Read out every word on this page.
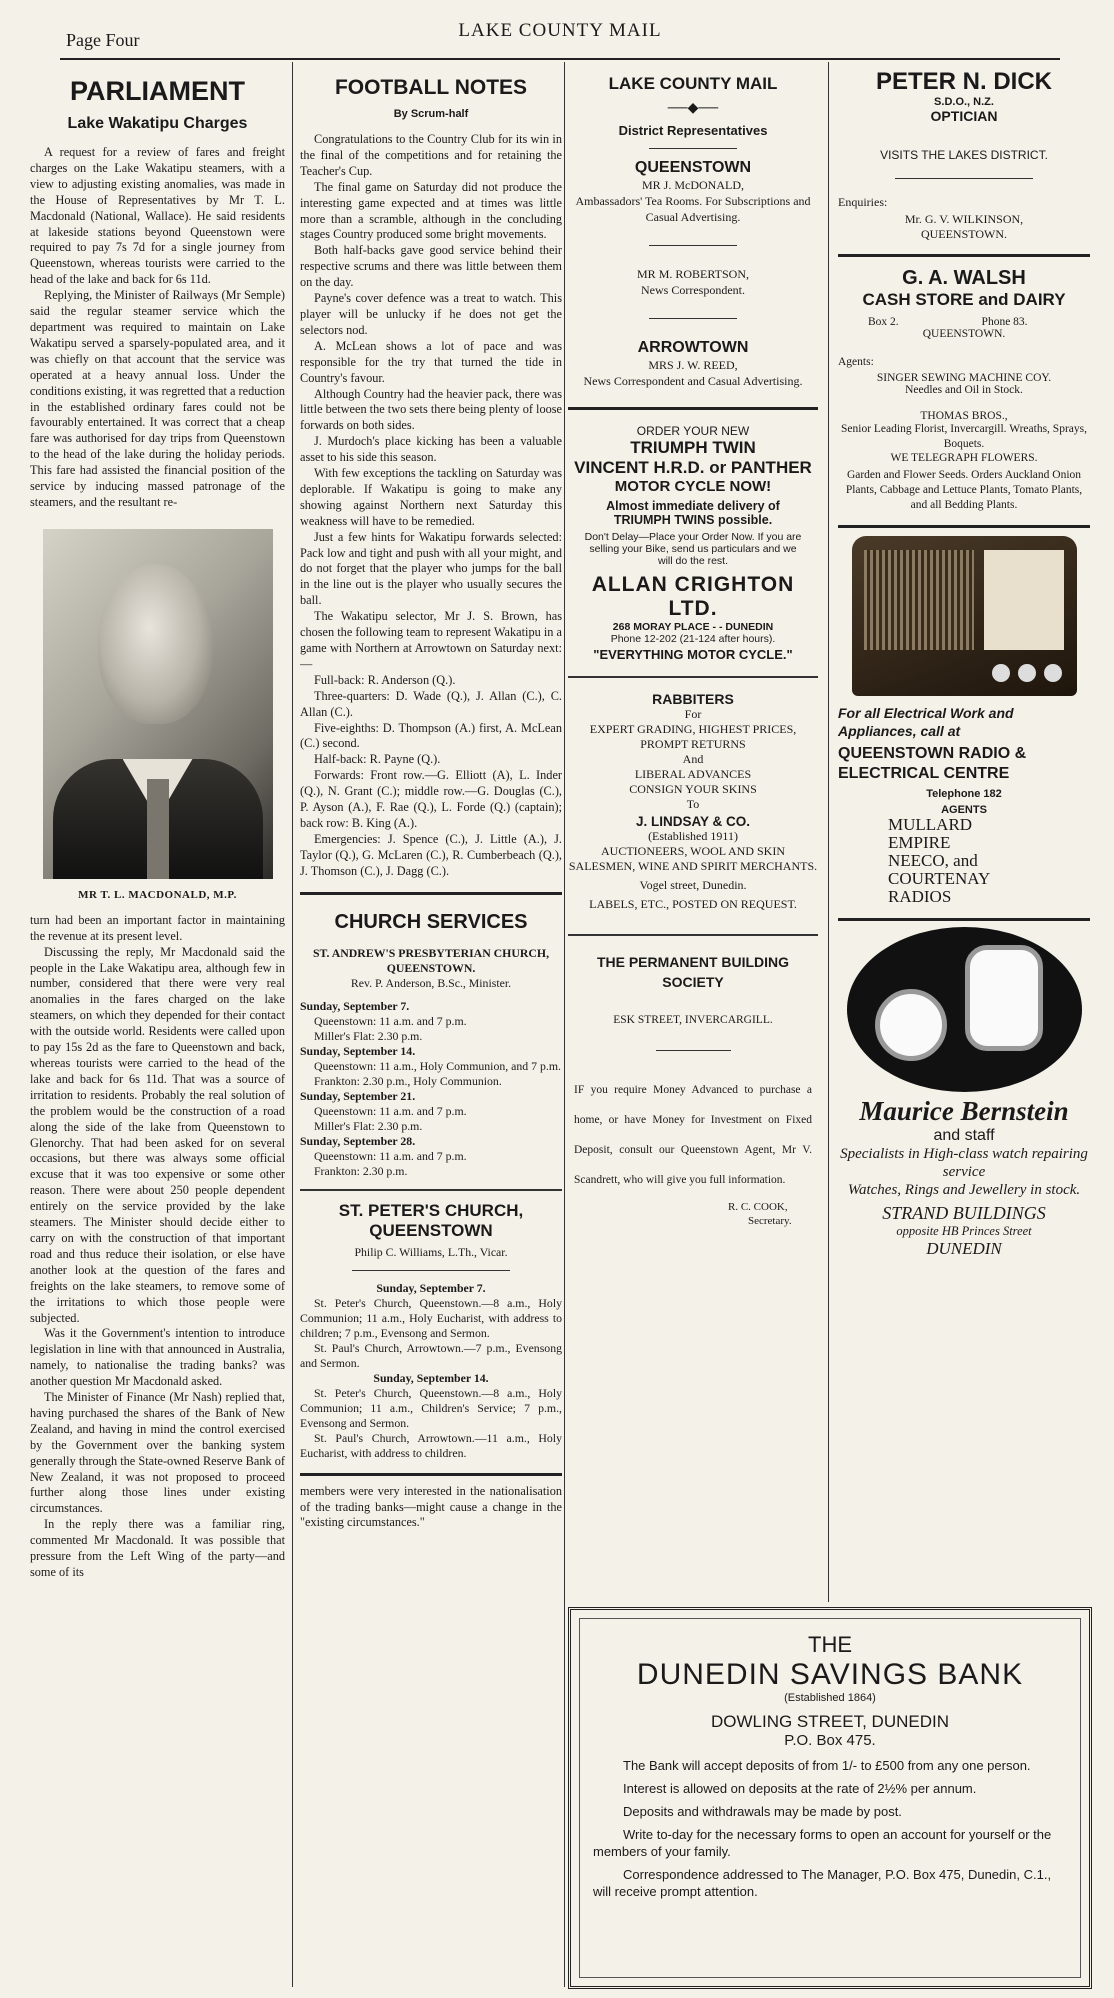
Page Four	LAKE COUNTY MAIL
PARLIAMENT
Lake Wakatipu Charges

A request for a review of fares and freight charges on the Lake Wakatipu steamers, with a view to adjusting existing anomalies, was made in the House of Representatives by Mr T. L. Macdonald (National, Wallace). He said residents at lakeside stations beyond Queenstown were required to pay 7s 7d for a single journey from Queenstown, whereas tourists were carried to the head of the lake and back for 6s 11d.

Replying, the Minister of Railways (Mr Semple) said the regular steamer service which the department was required to maintain on Lake Wakatipu served a sparsely-populated area, and it was chiefly on that account that the service was operated at a heavy annual loss. Under the conditions existing, it was regretted that a reduction in the established ordinary fares could not be favourably entertained. It was correct that a cheap fare was authorised for day trips from Queenstown to the head of the lake during the holiday periods. This fare had assisted the financial position of the service by inducing massed patronage of the steamers, and the resultant re-

MR T. L. MACDONALD, M.P.

turn had been an important factor in maintaining the revenue at its present level.

Discussing the reply, Mr Macdonald said the people in the Lake Wakatipu area, although few in number, considered that there were very real anomalies in the fares charged on the lake steamers, on which they depended for their contact with the outside world. Residents were called upon to pay 15s 2d as the fare to Queenstown and back, whereas tourists were carried to the head of the lake and back for 6s 11d. That was a source of irritation to residents. Probably the real solution of the problem would be the construction of a road along the side of the lake from Queenstown to Glenorchy. That had been asked for on several occasions, but there was always some official excuse that it was too expensive or some other reason. There were about 250 people dependent entirely on the service provided by the lake steamers. The Minister should decide either to carry on with the construction of that important road and thus reduce their isolation, or else have another look at the question of the fares and freights on the lake steamers, to remove some of the irritations to which those people were subjected.

Was it the Government's intention to introduce legislation in line with that announced in Australia, namely, to nationalise the trading banks? was another question Mr Macdonald asked.

The Minister of Finance (Mr Nash) replied that, having purchased the shares of the Bank of New Zealand, and having in mind the control exercised by the Government over the banking system generally through the State-owned Reserve Bank of New Zealand, it was not proposed to proceed further along those lines under existing circumstances.

In the reply there was a familiar ring, commented Mr Macdonald. It was possible that pressure from the Left Wing of the party—and some of its

FOOTBALL NOTES
By Scrum-half

Congratulations to the Country Club for its win in the final of the competitions and for retaining the Teacher's Cup.

The final game on Saturday did not produce the interesting game expected and at times was little more than a scramble, although in the concluding stages Country produced some bright movements.

Both half-backs gave good service behind their respective scrums and there was little between them on the day.

Payne's cover defence was a treat to watch. This player will be unlucky if he does not get the selectors nod.

A. McLean shows a lot of pace and was responsible for the try that turned the tide in Country's favour.

Although Country had the heavier pack, there was little between the two sets there being plenty of loose forwards on both sides.

J. Murdoch's place kicking has been a valuable asset to his side this season.

With few exceptions the tackling on Saturday was deplorable. If Wakatipu is going to make any showing against Northern next Saturday this weakness will have to be remedied.

Just a few hints for Wakatipu forwards selected: Pack low and tight and push with all your might, and do not forget that the player who jumps for the ball in the line out is the player who usually secures the ball.

The Wakatipu selector, Mr J. S. Brown, has chosen the following team to represent Wakatipu in a game with Northern at Arrowtown on Saturday next:—

Full-back: R. Anderson (Q.).

Three-quarters: D. Wade (Q.), J. Allan (C.), C. Allan (C.).

Five-eighths: D. Thompson (A.) first, A. McLean (C.) second.

Half-back: R. Payne (Q.).

Forwards: Front row.—G. Elliott (A), L. Inder (Q.), N. Grant (C.); middle row.—G. Douglas (C.), P. Ayson (A.), F. Rae (Q.), L. Forde (Q.) (captain); back row: B. King (A.).

Emergencies: J. Spence (C.), J. Little (A.), J. Taylor (Q.), G. McLaren (C.), R. Cumberbeach (Q.), J. Thomson (C.), J. Dagg (C.).

CHURCH SERVICES
ST. ANDREW'S PRESBYTERIAN CHURCH, QUEENSTOWN.
Rev. P. Anderson, B.Sc., Minister.
Sunday, September 7.

Queenstown: 11 a.m. and 7 p.m.

Miller's Flat: 2.30 p.m.

Sunday, September 14.

Queenstown: 11 a.m., Holy Communion, and 7 p.m.

Frankton: 2.30 p.m., Holy Communion.

Sunday, September 21.

Queenstown: 11 a.m. and 7 p.m.

Miller's Flat: 2.30 p.m.

Sunday, September 28.

Queenstown: 11 a.m. and 7 p.m.

Frankton: 2.30 p.m.

ST. PETER'S CHURCH, QUEENSTOWN
Philip C. Williams, L.Th., Vicar.
Sunday, September 7.

St. Peter's Church, Queenstown.—8 a.m., Holy Communion; 11 a.m., Holy Eucharist, with address to children; 7 p.m., Evensong and Sermon.

St. Paul's Church, Arrowtown.—7 p.m., Evensong and Sermon.

Sunday, September 14.

St. Peter's Church, Queenstown.—8 a.m., Holy Communion; 11 a.m., Children's Service; 7 p.m., Evensong and Sermon.

St. Paul's Church, Arrowtown.—11 a.m., Holy Eucharist, with address to children.

members were very interested in the nationalisation of the trading banks—might cause a change in the "existing circumstances."

LAKE COUNTY MAIL
──◆──
District Representatives
QUEENSTOWN
MR J. McDONALD,
Ambassadors' Tea Rooms. For Subscriptions and Casual Advertising.
MR M. ROBERTSON,
News Correspondent.
ARROWTOWN
MRS J. W. REED,
News Correspondent and Casual Advertising.
ORDER YOUR NEW
TRIUMPH TWIN
VINCENT H.R.D. or PANTHER
MOTOR CYCLE NOW!
Almost immediate delivery of TRIUMPH TWINS possible.
Don't Delay—Place your Order Now. If you are selling your Bike, send us particulars and we will do the rest.
ALLAN CRIGHTON LTD.
268 MORAY PLACE - - DUNEDIN
Phone 12-202 (21-124 after hours).
"EVERYTHING MOTOR CYCLE."
RABBITERS
For
EXPERT GRADING, HIGHEST PRICES, PROMPT RETURNS
And
LIBERAL ADVANCES
CONSIGN YOUR SKINS
To
J. LINDSAY & CO.
(Established 1911)
AUCTIONEERS, WOOL AND SKIN SALESMEN, WINE AND SPIRIT MERCHANTS.
Vogel street, Dunedin.
LABELS, ETC., POSTED ON REQUEST.
THE PERMANENT BUILDING SOCIETY
ESK STREET, INVERCARGILL.
IF you require Money Advanced to purchase a home, or have Money for Investment on Fixed Deposit, consult our Queenstown Agent, Mr V. Scandrett, who will give you full information.
R. C. COOK,
Secretary.
PETER N. DICK
S.D.O., N.Z.
OPTICIAN
VISITS THE LAKES DISTRICT.
Enquiries:
Mr. G. V. WILKINSON, QUEENSTOWN.
G. A. WALSH
CASH STORE and DAIRY
Box 2.	Phone 83.
QUEENSTOWN.
Agents:
SINGER SEWING MACHINE COY.
Needles and Oil in Stock.
THOMAS BROS.,
Senior Leading Florist, Invercargill. Wreaths, Sprays, Boquets.
WE TELEGRAPH FLOWERS.
Garden and Flower Seeds. Orders Auckland Onion Plants, Cabbage and Lettuce Plants, Tomato Plants, and all Bedding Plants.
For all Electrical Work and Appliances, call at
QUEENSTOWN RADIO & ELECTRICAL CENTRE
Telephone 182
AGENTS
MULLARD
EMPIRE
NEECO, and
COURTENAY
RADIOS
Maurice Bernstein
and staff
Specialists in High-class watch repairing service
Watches, Rings and Jewellery in stock.
STRAND BUILDINGS
opposite HB Princes Street
DUNEDIN
THE
DUNEDIN SAVINGS BANK
(Established 1864)
DOWLING STREET, DUNEDIN
P.O. Box 475.
The Bank will accept deposits of from 1/- to £500 from any one person.
Interest is allowed on deposits at the rate of 2½% per annum.
Deposits and withdrawals may be made by post.
Write to-day for the necessary forms to open an account for yourself or the members of your family.
Correspondence addressed to The Manager, P.O. Box 475, Dunedin, C.1., will receive prompt attention.
